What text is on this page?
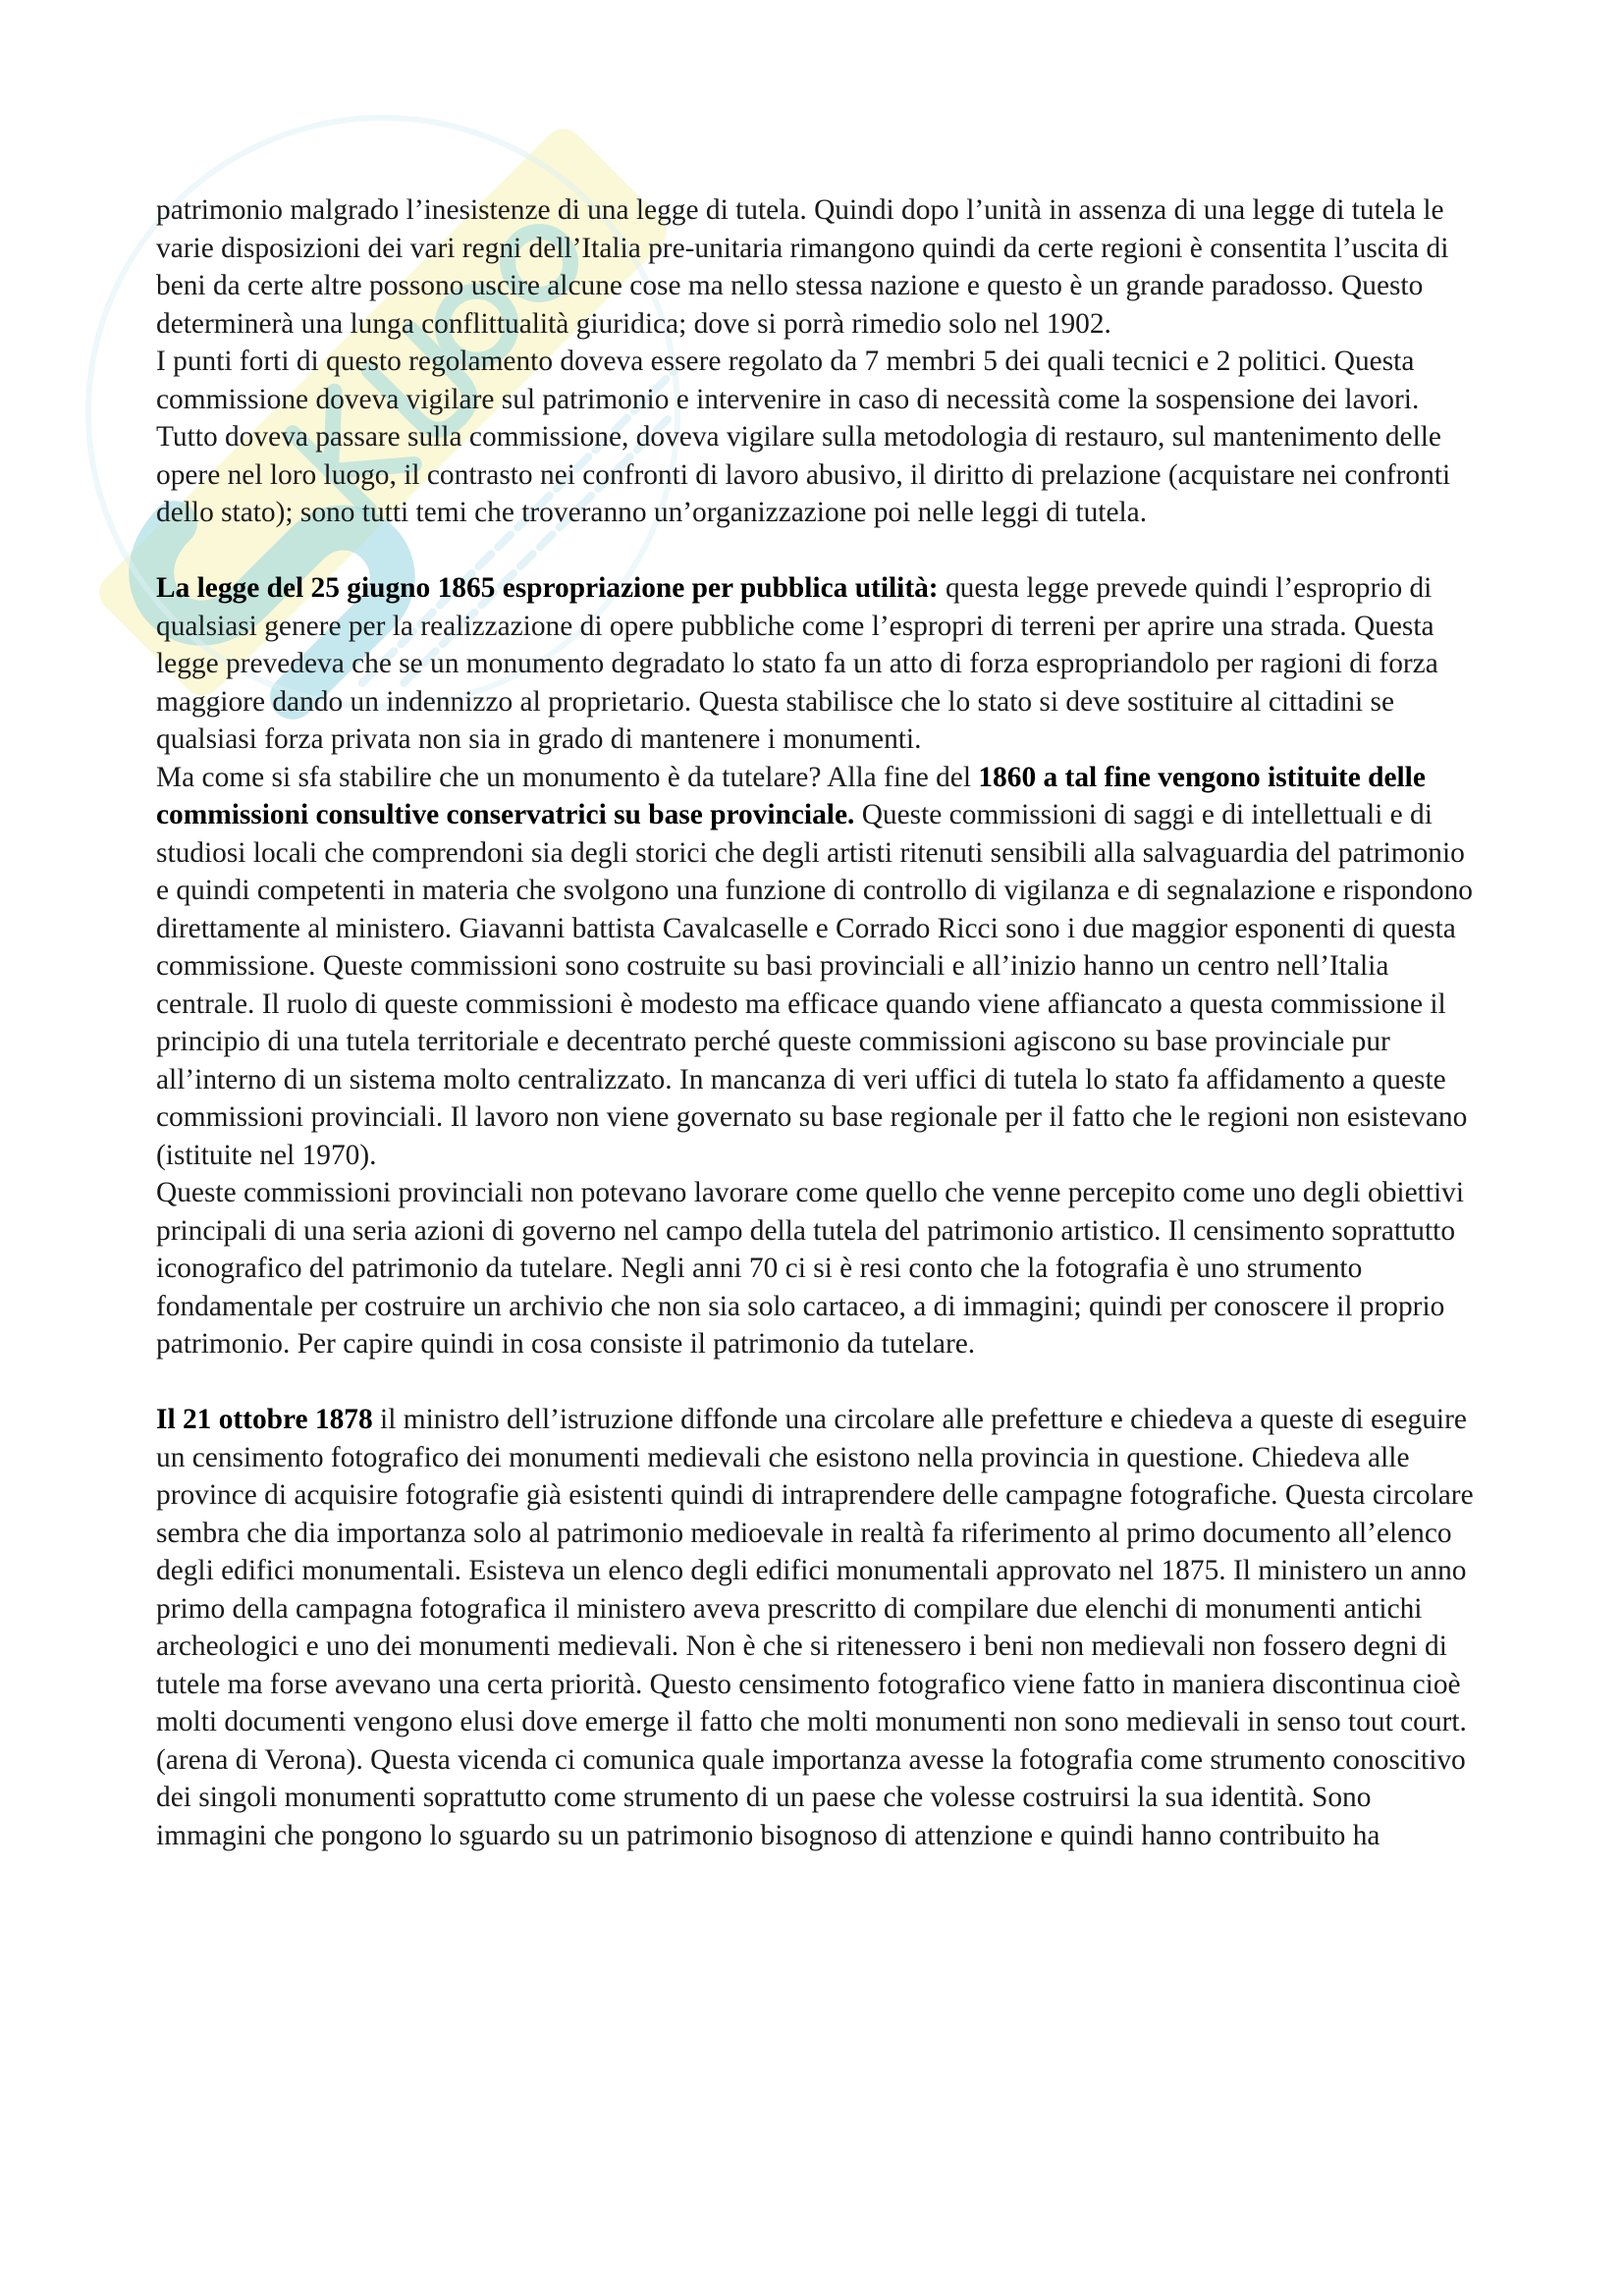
patrimonio malgrado l’inesistenze di una legge di tutela. Quindi dopo l’unità in assenza di una legge di tutela le varie disposizioni dei vari regni dell’Italia pre-unitaria rimangono quindi da certe regioni è consentita l’uscita di beni da certe altre possono uscire alcune cose ma nello stessa nazione e questo è un grande paradosso. Questo determinerà una lunga conflittualità giuridica; dove si porrà rimedio solo nel 1902.

I punti forti di questo regolamento doveva essere regolato da 7 membri 5 dei quali tecnici e 2 politici. Questa commissione doveva vigilare sul patrimonio e intervenire in caso di necessità come la sospensione dei lavori. Tutto doveva passare sulla commissione, doveva vigilare sulla metodologia di restauro, sul mantenimento delle opere nel loro luogo, il contrasto nei confronti di lavoro abusivo, il diritto di prelazione (acquistare nei confronti dello stato); sono tutti temi che troveranno un’organizzazione poi nelle leggi di tutela.

La legge del 25 giugno 1865 espropriazione per pubblica utilità: questa legge prevede quindi l’esproprio di qualsiasi genere per la realizzazione di opere pubbliche come l’espropri di terreni per aprire una strada. Questa legge prevedeva che se un monumento degradato lo stato fa un atto di forza espropriandolo per ragioni di forza maggiore dando un indennizzo al proprietario. Questa stabilisce che lo stato si deve sostituire al cittadini se qualsiasi forza privata non sia in grado di mantenere i monumenti.

Ma come si sfa stabilire che un monumento è da tutelare? Alla fine del 1860 a tal fine vengono istituite delle commissioni consultive conservatrici su base provinciale. Queste commissioni di saggi e di intellettuali e di studiosi locali che comprendoni sia degli storici che degli artisti ritenuti sensibili alla salvaguardia del patrimonio e quindi competenti in materia che svolgono una funzione di controllo di vigilanza e di segnalazione e rispondono direttamente al ministero. Giavanni battista Cavalcaselle e Corrado Ricci sono i due maggior esponenti di questa commissione. Queste commissioni sono costruite su basi provinciali e all’inizio hanno un centro nell’Italia centrale. Il ruolo di queste commissioni è modesto ma efficace quando viene affiancato a questa commissione il principio di una tutela territoriale e decentrato perché queste commissioni agiscono su base provinciale pur all’interno di un sistema molto centralizzato. In mancanza di veri uffici di tutela lo stato fa affidamento a queste commissioni provinciali. Il lavoro non viene governato su base regionale per il fatto che le regioni non esistevano (istituite nel 1970).

Queste commissioni provinciali non potevano lavorare come quello che venne percepito come uno degli obiettivi principali di una seria azioni di governo nel campo della tutela del patrimonio artistico. Il censimento soprattutto iconografico del patrimonio da tutelare. Negli anni 70 ci si è resi conto che la fotografia è uno strumento fondamentale per costruire un archivio che non sia solo cartaceo, a di immagini; quindi per conoscere il proprio patrimonio. Per capire quindi in cosa consiste il patrimonio da tutelare.

Il 21 ottobre 1878 il ministro dell’istruzione diffonde una circolare alle prefetture e chiedeva a queste di eseguire un censimento fotografico dei monumenti medievali che esistono nella provincia in questione. Chiedeva alle province di acquisire fotografie già esistenti quindi di intraprendere delle campagne fotografiche. Questa circolare sembra che dia importanza solo al patrimonio medioevale in realtà fa riferimento al primo documento all’elenco degli edifici monumentali. Esisteva un elenco degli edifici monumentali approvato nel 1875. Il ministero un anno primo della campagna fotografica il ministero aveva prescritto di compilare due elenchi di monumenti antichi archeologici e uno dei monumenti medievali. Non è che si ritenessero i beni non medievali non fossero degni di tutele ma forse avevano una certa priorità. Questo censimento fotografico viene fatto in maniera discontinua cioè molti documenti vengono elusi dove emerge il fatto che molti monumenti non sono medievali in senso tout court. (arena di Verona). Questa vicenda ci comunica quale importanza avesse la fotografia come strumento conoscitivo dei singoli monumenti soprattutto come strumento di un paese che volesse costruirsi la sua identità. Sono immagini che pongono lo sguardo su un patrimonio bisognoso di attenzione e quindi hanno contribuito ha
